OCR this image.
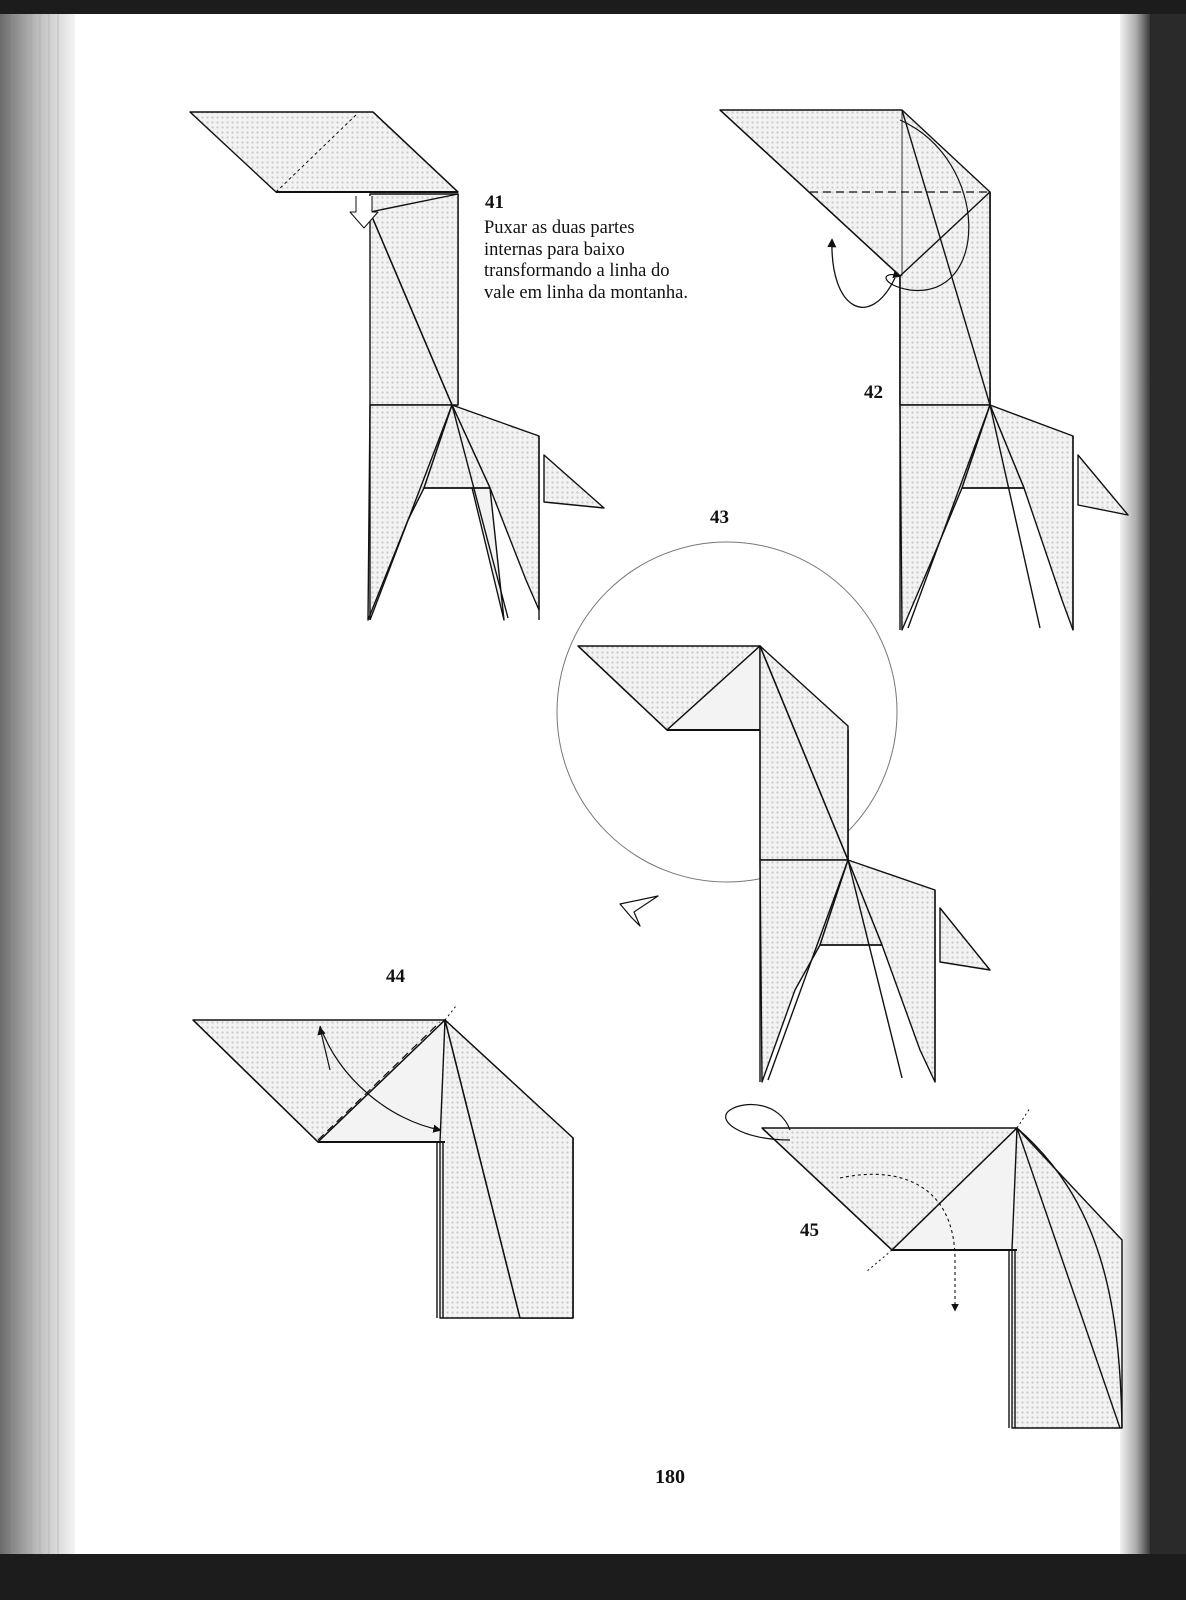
41
Puxar as duas partes
internas para baixo
transformando a linha do
vale em linha da montanha.
42
43
44
45
180
